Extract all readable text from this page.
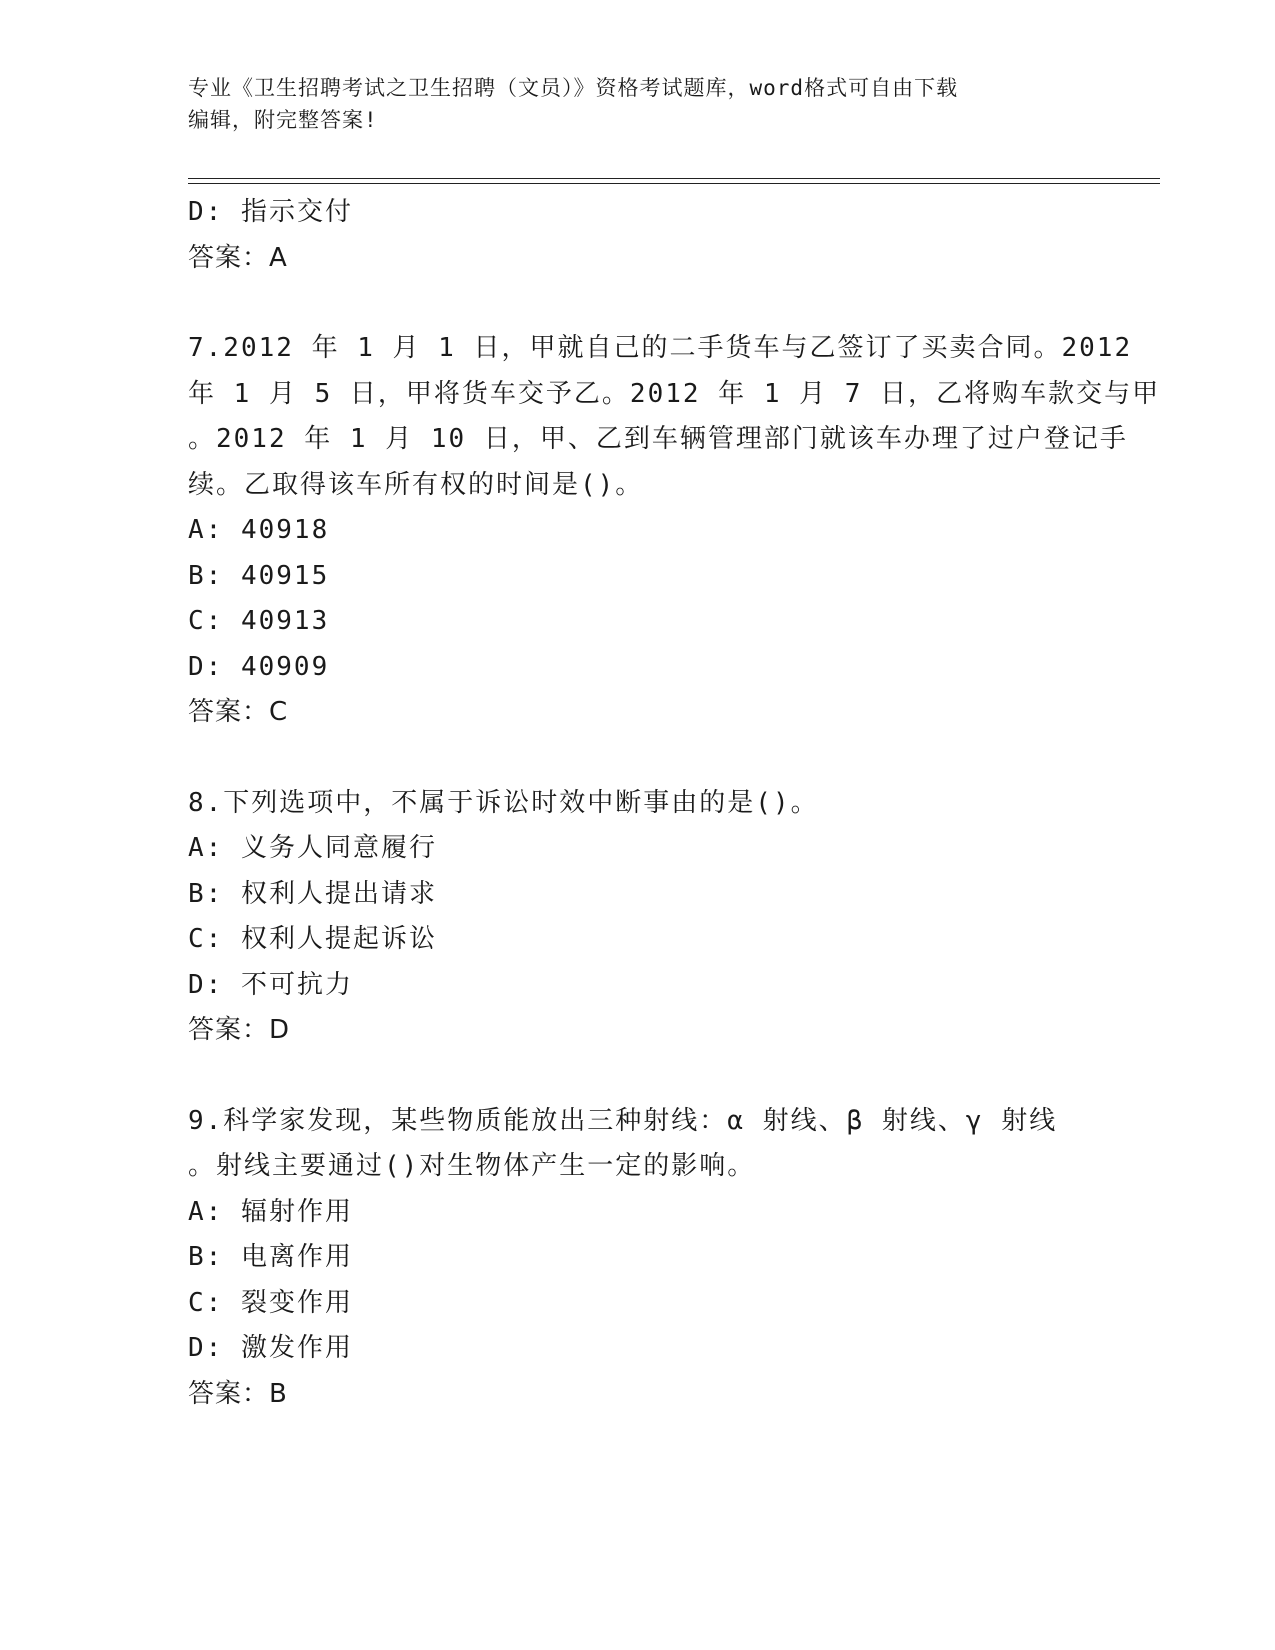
专业《卫生招聘考试之卫生招聘（文员）》资格考试题库，word格式可自由下载
编辑，附完整答案!
D: 指示交付
答案：A
7.2012 年 1 月 1 日，甲就自己的二手货车与乙签订了买卖合同。2012
年 1 月 5 日，甲将货车交予乙。2012 年 1 月 7 日，乙将购车款交与甲
。2012 年 1 月 10 日，甲、乙到车辆管理部门就该车办理了过户登记手
续。乙取得该车所有权的时间是()。
A: 40918
B: 40915
C: 40913
D: 40909
答案：C
8.下列选项中，不属于诉讼时效中断事由的是()。
A: 义务人同意履行
B: 权利人提出请求
C: 权利人提起诉讼
D: 不可抗力
答案：D
9.科学家发现，某些物质能放出三种射线：α 射线、β 射线、γ 射线
。射线主要通过()对生物体产生一定的影响。
A: 辐射作用
B: 电离作用
C: 裂变作用
D: 激发作用
答案：B
